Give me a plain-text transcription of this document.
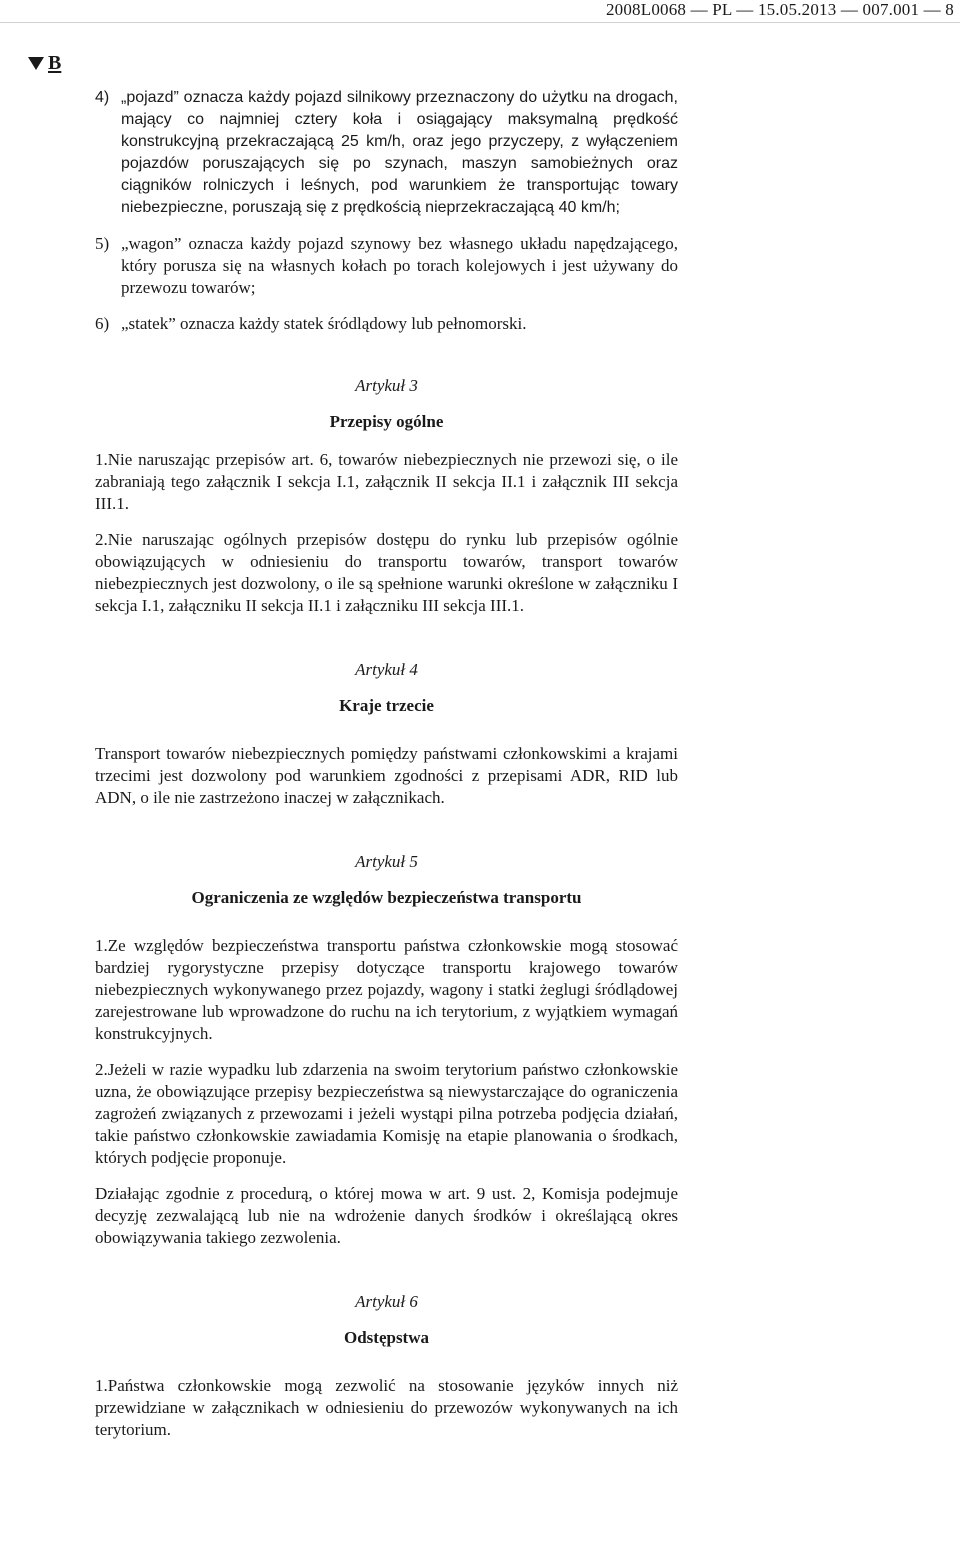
2008L0068 — PL — 15.05.2013 — 007.001 — 8
B
4) „pojazd” oznacza każdy pojazd silnikowy przeznaczony do użytku na drogach, mający co najmniej cztery koła i osiągający maksymalną prędkość konstrukcyjną przekraczającą 25 km/h, oraz jego przyczepy, z wyłączeniem pojazdów poruszających się po szynach, maszyn samobieżnych oraz ciągników rolniczych i leśnych, pod warunkiem że transportując towary niebezpieczne, poruszają się z prędkością nieprzekraczającą 40 km/h;
5) „wagon” oznacza każdy pojazd szynowy bez własnego układu napędzającego, który porusza się na własnych kołach po torach kolejowych i jest używany do przewozu towarów;
6) „statek” oznacza każdy statek śródlądowy lub pełnomorski.
Artykuł 3
Przepisy ogólne

1.Nie naruszając przepisów art. 6, towarów niebezpiecznych nie przewozi się, o ile zabraniają tego załącznik I sekcja I.1, załącznik II sekcja II.1 i załącznik III sekcja III.1.

2.Nie naruszając ogólnych przepisów dostępu do rynku lub przepisów ogólnie obowiązujących w odniesieniu do transportu towarów, transport towarów niebezpiecznych jest dozwolony, o ile są spełnione warunki określone w załączniku I sekcja I.1, załączniku II sekcja II.1 i załączniku III sekcja III.1.

Artykuł 4
Kraje trzecie

Transport towarów niebezpiecznych pomiędzy państwami członkowskimi a krajami trzecimi jest dozwolony pod warunkiem zgodności z przepisami ADR, RID lub ADN, o ile nie zastrzeżono inaczej w załącznikach.

Artykuł 5
Ograniczenia ze względów bezpieczeństwa transportu

1.Ze względów bezpieczeństwa transportu państwa członkowskie mogą stosować bardziej rygorystyczne przepisy dotyczące transportu krajowego towarów niebezpiecznych wykonywanego przez pojazdy, wagony i statki żeglugi śródlądowej zarejestrowane lub wprowadzone do ruchu na ich terytorium, z wyjątkiem wymagań konstrukcyjnych.

2.Jeżeli w razie wypadku lub zdarzenia na swoim terytorium państwo członkowskie uzna, że obowiązujące przepisy bezpieczeństwa są niewystarczające do ograniczenia zagrożeń związanych z przewozami i jeżeli wystąpi pilna potrzeba podjęcia działań, takie państwo członkowskie zawiadamia Komisję na etapie planowania o środkach, których podjęcie proponuje.

Działając zgodnie z procedurą, o której mowa w art. 9 ust. 2, Komisja podejmuje decyzję zezwalającą lub nie na wdrożenie danych środków i określającą okres obowiązywania takiego zezwolenia.

Artykuł 6
Odstępstwa

1.Państwa członkowskie mogą zezwolić na stosowanie języków innych niż przewidziane w załącznikach w odniesieniu do przewozów wykonywanych na ich terytorium.
